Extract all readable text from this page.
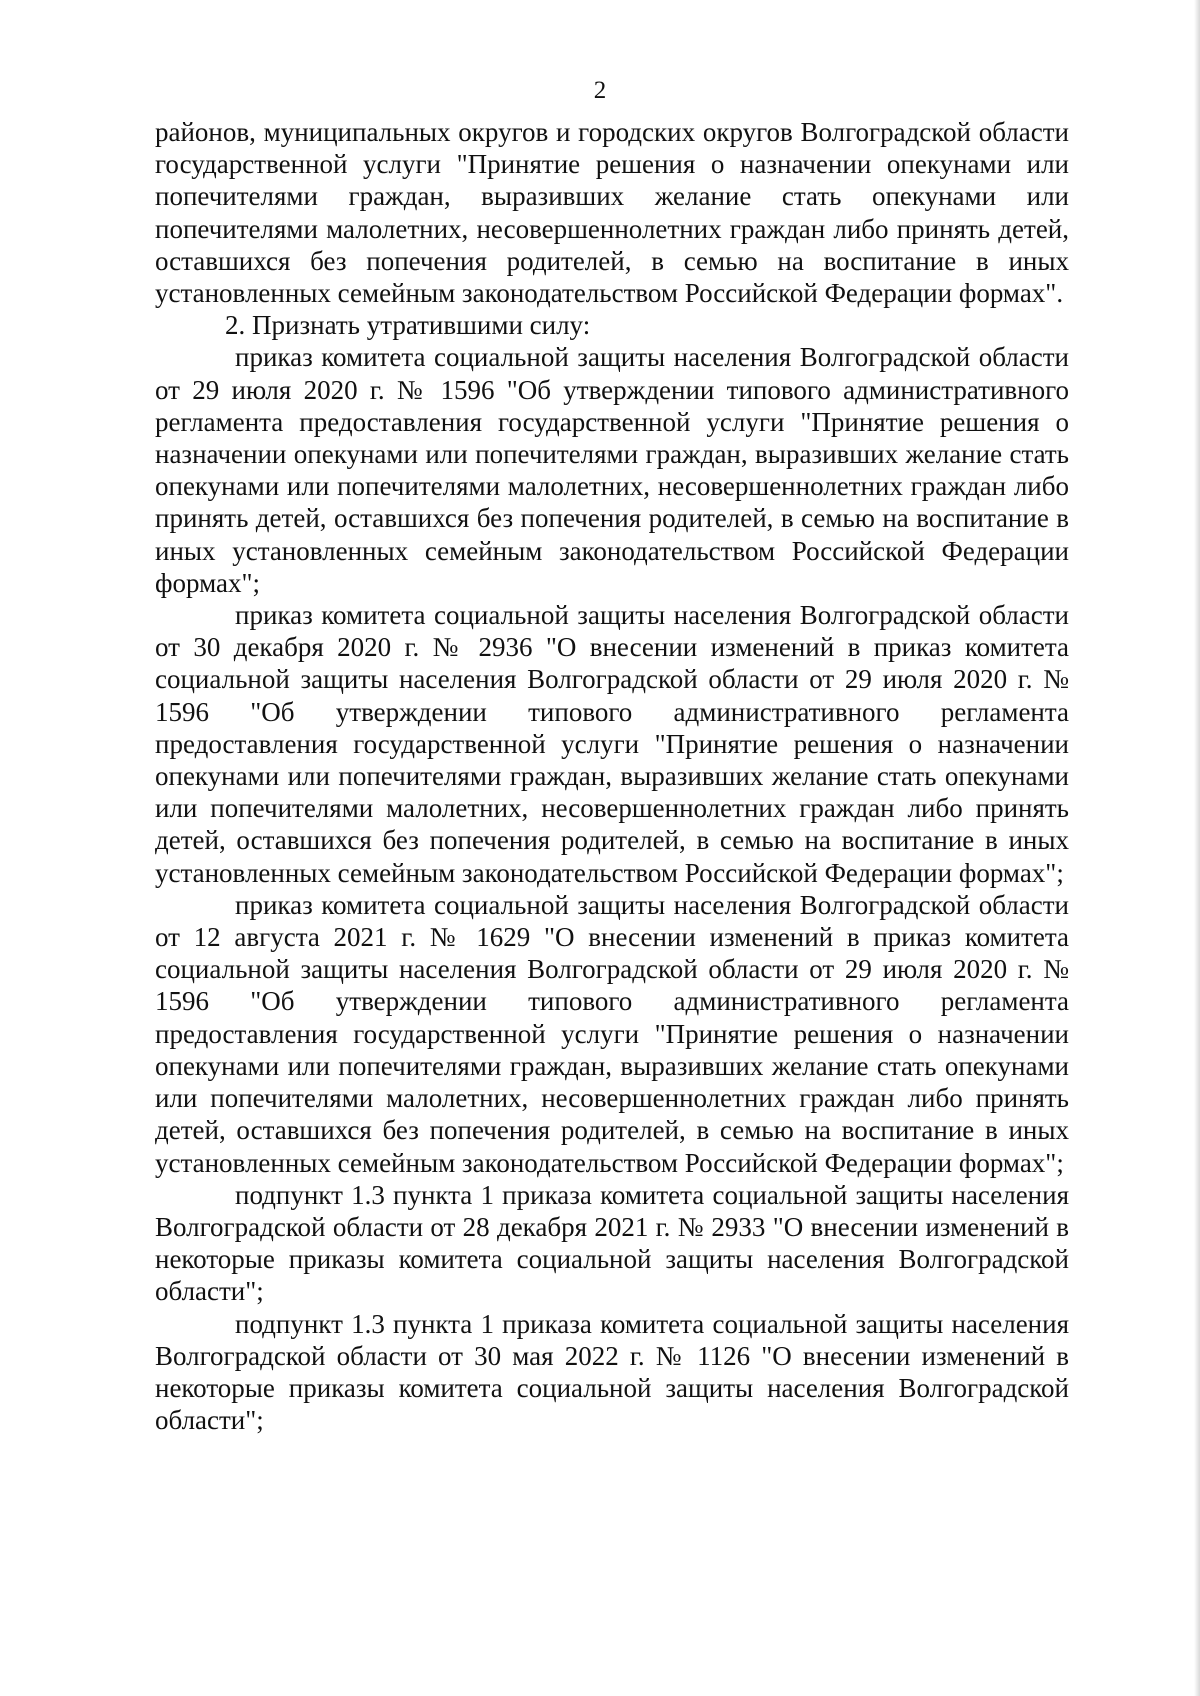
2

районов, муниципальных округов и городских округов Волгоградской области государственной услуги "Принятие решения о назначении опекунами или попечителями граждан, выразивших желание стать опекунами или попечителями малолетних, несовершеннолетних граждан либо принять детей, оставшихся без попечения родителей, в семью на воспитание в иных установленных семейным законодательством Российской Федерации формах".

2. Признать утратившими силу:

приказ комитета социальной защиты населения Волгоградской области от 29 июля 2020 г. № 1596 "Об утверждении типового административного регламента предоставления государственной услуги "Принятие решения о назначении опекунами или попечителями граждан, выразивших желание стать опекунами или попечителями малолетних, несовершеннолетних граждан либо принять детей, оставшихся без попечения родителей, в семью на воспитание в иных установленных семейным законодательством Российской Федерации формах";

приказ комитета социальной защиты населения Волгоградской области от 30 декабря 2020 г. № 2936 "О внесении изменений в приказ комитета социальной защиты населения Волгоградской области от 29 июля 2020 г. № 1596 "Об утверждении типового административного регламента предоставления государственной услуги "Принятие решения о назначении опекунами или попечителями граждан, выразивших желание стать опекунами или попечителями малолетних, несовершеннолетних граждан либо принять детей, оставшихся без попечения родителей, в семью на воспитание в иных установленных семейным законодательством Российской Федерации формах";

приказ комитета социальной защиты населения Волгоградской области от 12 августа 2021 г. № 1629 "О внесении изменений в приказ комитета социальной защиты населения Волгоградской области от 29 июля 2020 г. № 1596 "Об утверждении типового административного регламента предоставления государственной услуги "Принятие решения о назначении опекунами или попечителями граждан, выразивших желание стать опекунами или попечителями малолетних, несовершеннолетних граждан либо принять детей, оставшихся без попечения родителей, в семью на воспитание в иных установленных семейным законодательством Российской Федерации формах";

подпункт 1.3 пункта 1 приказа комитета социальной защиты населения Волгоградской области от 28 декабря 2021 г. № 2933 "О внесении изменений в некоторые приказы комитета социальной защиты населения Волгоградской области";

подпункт 1.3 пункта 1 приказа комитета социальной защиты населения Волгоградской области от 30 мая 2022 г. № 1126 "О внесении изменений в некоторые приказы комитета социальной защиты населения Волгоградской области";
